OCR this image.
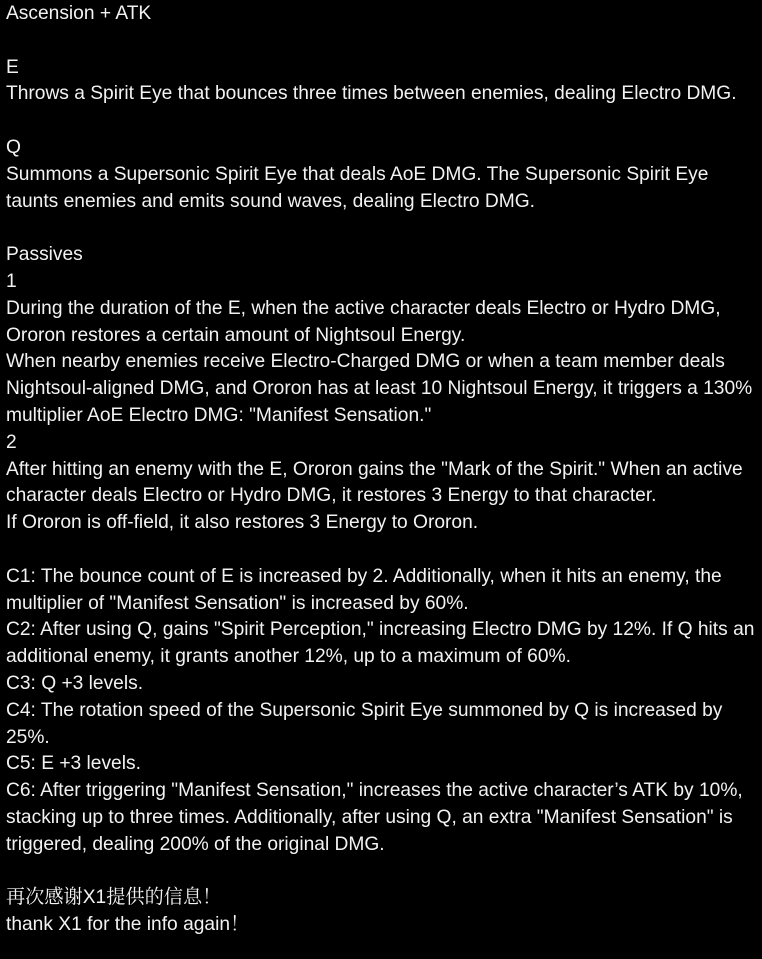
Ascension + ATK
E
Throws a Spirit Eye that bounces three times between enemies, dealing Electro DMG.
Q
Summons a Supersonic Spirit Eye that deals AoE DMG. The Supersonic Spirit Eye taunts enemies and emits sound waves, dealing Electro DMG.
Passives
1
During the duration of the E, when the active character deals Electro or Hydro DMG, Ororon restores a certain amount of Nightsoul Energy.
When nearby enemies receive Electro-Charged DMG or when a team member deals Nightsoul-aligned DMG, and Ororon has at least 10 Nightsoul Energy, it triggers a 130% multiplier AoE Electro DMG: "Manifest Sensation."
2
After hitting an enemy with the E, Ororon gains the "Mark of the Spirit." When an active character deals Electro or Hydro DMG, it restores 3 Energy to that character.
If Ororon is off-field, it also restores 3 Energy to Ororon.
C1: The bounce count of E is increased by 2. Additionally, when it hits an enemy, the multiplier of "Manifest Sensation" is increased by 60%.
C2: After using Q, gains "Spirit Perception," increasing Electro DMG by 12%. If Q hits an additional enemy, it grants another 12%, up to a maximum of 60%.
C3: Q +3 levels.
C4: The rotation speed of the Supersonic Spirit Eye summoned by Q is increased by 25%.
C5: E +3 levels.
C6: After triggering "Manifest Sensation," increases the active character’s ATK by 10%, stacking up to three times. Additionally, after using Q, an extra "Manifest Sensation" is triggered, dealing 200% of the original DMG.
再次感谢X1提供的信息！
thank X1 for the info again！
